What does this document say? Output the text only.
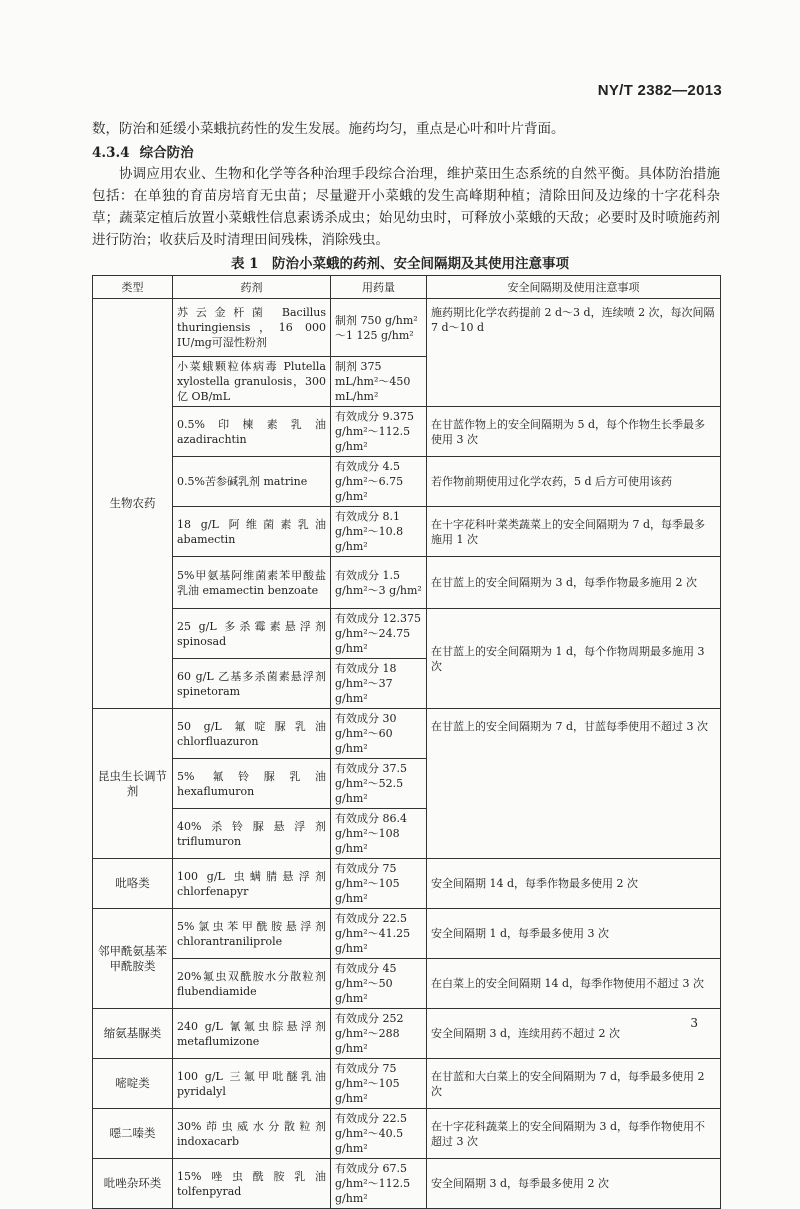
NY/T 2382—2013
数，防治和延缓小菜蛾抗药性的发生发展。施药均匀，重点是心叶和叶片背面。
4.3.4 综合防治
协调应用农业、生物和化学等各种治理手段综合治理，维护菜田生态系统的自然平衡。具体防治措施包括：在单独的育苗房培育无虫苗；尽量避开小菜蛾的发生高峰期种植；清除田间及边缘的十字花科杂草；蔬菜定植后放置小菜蛾性信息素诱杀成虫；始见幼虫时，可释放小菜蛾的天敌；必要时及时喷施药剂进行防治；收获后及时清理田间残株，消除残虫。
表 1　防治小菜蛾的药剂、安全间隔期及其使用注意事项
类型	药剂	用药量	安全间隔期及使用注意事项
生物农药	苏云金杆菌 Bacillus thuringiensis，16 000 IU/mg可湿性粉剂	制剂 750 g/hm²～1 125 g/hm²	施药期比化学农药提前 2 d～3 d，连续喷 2 次，每次间隔 7 d～10 d
	小菜蛾颗粒体病毒 Plutella xylostella granulosis，300 亿 OB/mL	制剂 375 mL/hm²～450 mL/hm²	
	0.5%印楝素乳油 azadirachtin	有效成分 9.375 g/hm²～112.5 g/hm²	在甘蓝作物上的安全间隔期为 5 d，每个作物生长季最多使用 3 次
	0.5%苦参碱乳剂 matrine	有效成分 4.5 g/hm²～6.75 g/hm²	若作物前期使用过化学农药，5 d 后方可使用该药
	18 g/L 阿维菌素乳油 abamectin	有效成分 8.1 g/hm²～10.8 g/hm²	在十字花科叶菜类蔬菜上的安全间隔期为 7 d，每季最多施用 1 次
	5%甲氨基阿维菌素苯甲酸盐乳油 emamectin benzoate	有效成分 1.5 g/hm²～3 g/hm²	在甘蓝上的安全间隔期为 3 d，每季作物最多施用 2 次
	25 g/L 多杀霉素悬浮剂 spinosad	有效成分 12.375 g/hm²～24.75 g/hm²	在甘蓝上的安全间隔期为 1 d，每个作物周期最多施用 3 次
	60 g/L 乙基多杀菌素悬浮剂 spinetoram	有效成分 18 g/hm²～37 g/hm²	
昆虫生长调节剂	50 g/L 氟啶脲乳油 chlorfluazuron	有效成分 30 g/hm²～60 g/hm²	在甘蓝上的安全间隔期为 7 d，甘蓝每季使用不超过 3 次
	5% 氟铃脲乳油 hexaflumuron	有效成分 37.5 g/hm²～52.5 g/hm²	
	40%杀铃脲悬浮剂 triflumuron	有效成分 86.4 g/hm²～108 g/hm²	
吡咯类	100 g/L 虫螨腈悬浮剂 chlorfenapyr	有效成分 75 g/hm²～105 g/hm²	安全间隔期 14 d，每季作物最多使用 2 次
邻甲酰氨基苯甲酰胺类	5%氯虫苯甲酰胺悬浮剂 chlorantraniliprole	有效成分 22.5 g/hm²～41.25 g/hm²	安全间隔期 1 d，每季最多使用 3 次
	20%氟虫双酰胺水分散粒剂 flubendiamide	有效成分 45 g/hm²～50 g/hm²	在白菜上的安全间隔期 14 d，每季作物使用不超过 3 次
缩氨基脲类	240 g/L 氰氟虫腙悬浮剂 metaflumizone	有效成分 252 g/hm²～288 g/hm²	安全间隔期 3 d，连续用药不超过 2 次
嘧啶类	100 g/L 三氟甲吡醚乳油 pyridalyl	有效成分 75 g/hm²～105 g/hm²	在甘蓝和大白菜上的安全间隔期为 7 d，每季最多使用 2 次
噁二嗪类	30%茚虫威水分散粒剂 indoxacarb	有效成分 22.5 g/hm²～40.5 g/hm²	在十字花科蔬菜上的安全间隔期为 3 d，每季作物使用不超过 3 次
吡唑杂环类	15%唑虫酰胺乳油 tolfenpyrad	有效成分 67.5 g/hm²～112.5 g/hm²	安全间隔期 3 d，每季最多使用 2 次
3
